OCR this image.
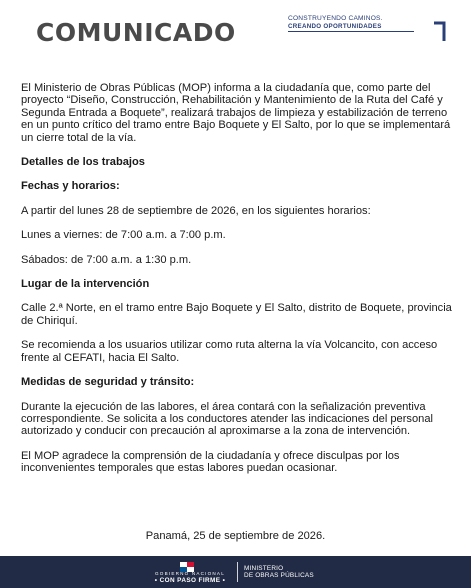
COMUNICADO	CONSTRUYENDO CAMINOS.
CREANDO OPORTUNIDADES

El Ministerio de Obras Públicas (MOP) informa a la ciudadanía que, como parte del proyecto “Diseño, Construcción, Rehabilitación y Mantenimiento de la Ruta del Café y Segunda Entrada a Boquete”, realizará trabajos de limpieza y estabilización de terreno en un punto crítico del tramo entre Bajo Boquete y El Salto, por lo que se implementará un cierre total de la vía.

Detalles de los trabajos
Fechas y horarios:

A partir del lunes 28 de septiembre de 2026, en los siguientes horarios:

Lunes a viernes: de 7:00 a.m. a 7:00 p.m.

Sábados: de 7:00 a.m. a 1:30 p.m.

Lugar de la intervención

Calle 2.ª Norte, en el tramo entre Bajo Boquete y El Salto, distrito de Boquete, provincia de Chiriquí.

Se recomienda a los usuarios utilizar como ruta alterna la vía Volcancito, con acceso frente al CEFATI, hacia El Salto.

Medidas de seguridad y tránsito:

Durante la ejecución de las labores, el área contará con la señalización preventiva correspondiente. Se solicita a los conductores atender las indicaciones del personal autorizado y conducir con precaución al aproximarse a la zona de intervención.

El MOP agradece la comprensión de la ciudadanía y ofrece disculpas por los inconvenientes temporales que estas labores puedan ocasionar.

Panamá, 25 de septiembre de 2026.
GOBIERNO NACIONAL
• CON PASO FIRME •
MINISTERIO
DE OBRAS PÚBLICAS
